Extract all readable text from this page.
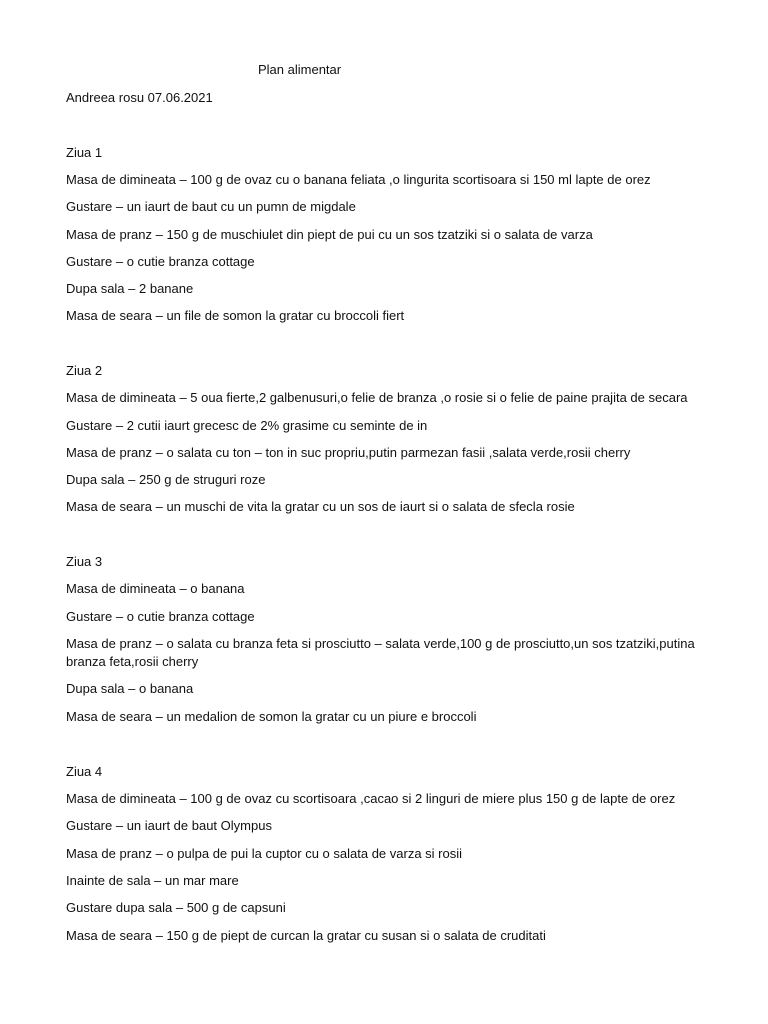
Plan alimentar

Andreea rosu 07.06.2021

Ziua 1

Masa de dimineata – 100 g de ovaz cu o banana feliata ,o lingurita scortisoara si 150 ml lapte de orez

Gustare – un iaurt de baut cu un pumn de migdale

Masa de pranz – 150 g de muschiulet din piept de pui cu un sos tzatziki si o salata de varza

Gustare – o cutie branza cottage

Dupa sala – 2 banane

Masa de seara – un file de somon la gratar cu broccoli fiert

Ziua 2

Masa de dimineata – 5 oua fierte,2 galbenusuri,o felie de branza ,o rosie si o felie de paine prajita de secara

Gustare – 2 cutii iaurt grecesc de 2% grasime cu seminte de in

Masa de pranz – o salata cu ton – ton in suc propriu,putin parmezan fasii ,salata verde,rosii cherry

Dupa sala – 250 g de struguri roze

Masa de seara – un muschi de vita la gratar cu un sos de iaurt si o salata de sfecla rosie

Ziua 3

Masa de dimineata – o banana

Gustare – o cutie branza cottage

Masa de pranz – o salata cu branza feta si prosciutto – salata verde,100 g de prosciutto,un sos tzatziki,putina branza feta,rosii cherry

Dupa sala – o banana

Masa de seara – un medalion de somon la gratar cu un piure e broccoli

Ziua 4

Masa de dimineata – 100 g de ovaz cu scortisoara ,cacao si 2 linguri de miere plus 150 g de lapte de orez

Gustare – un iaurt de baut Olympus

Masa de pranz – o pulpa de pui la cuptor cu o salata de varza si rosii

Inainte de sala – un mar mare

Gustare dupa sala – 500 g de capsuni

Masa de seara – 150 g de piept de curcan la gratar cu susan si o salata de cruditati
